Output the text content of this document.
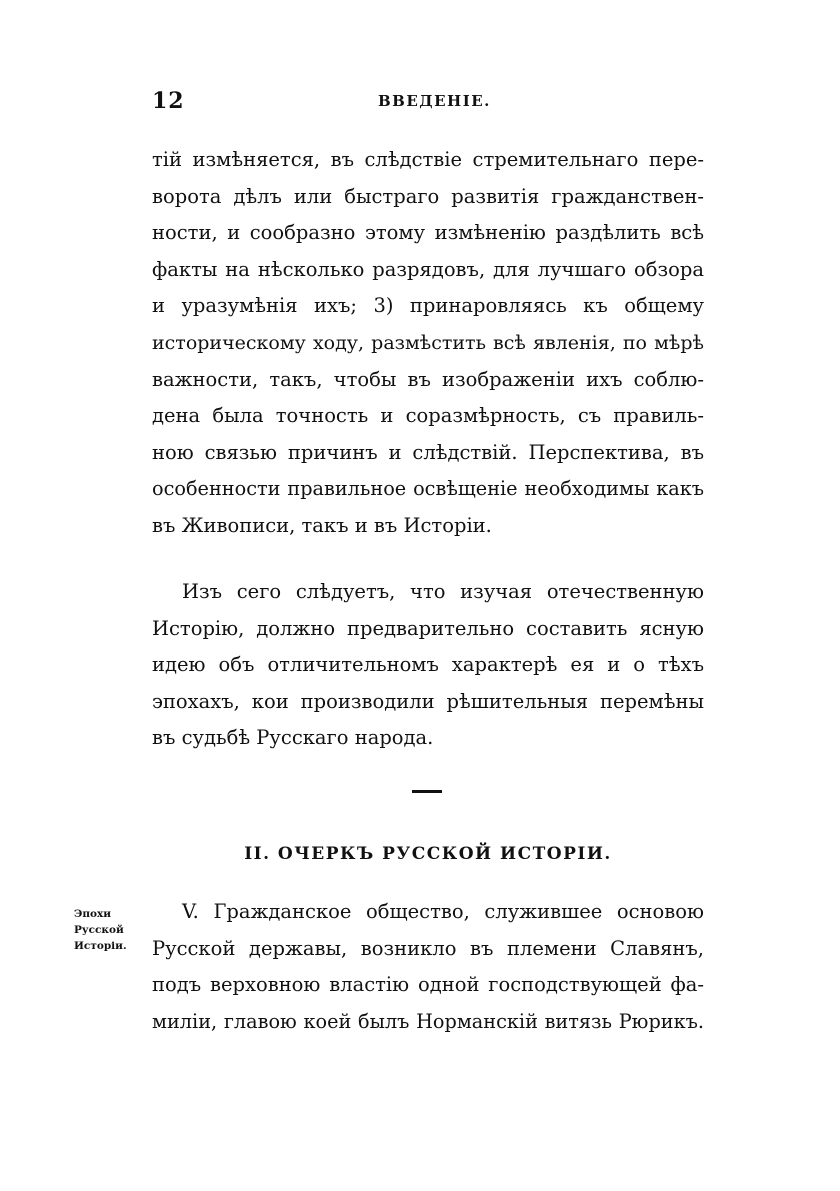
12	ВВЕДЕНІЕ.
тій измѣняется, въ слѣдствіе стремительнаго пере-
ворота дѣлъ или быстраго развитія гражданствен-
ности, и сообразно этому измѣненію раздѣлить всѣ
факты на нѣсколько разрядовъ, для лучшаго обзора
и уразумѣнія ихъ; 3) принаровляясь къ общему
историческому ходу, размѣстить всѣ явленія, по мѣрѣ
важности, такъ, чтобы въ изображеніи ихъ соблю-
дена была точность и соразмѣрность, съ правиль-
ною связью причинъ и слѣдствій. Перспектива, въ
особенности правильное освѣщеніе необходимы какъ
въ Живописи, такъ и въ Исторіи.
Изъ сего слѣдуетъ, что изучая отечественную
Исторію, должно предварительно составить ясную
идею объ отличительномъ характерѣ ея и о тѣхъ
эпохахъ, кои производили рѣшительныя перемѣны
въ судьбѣ Русскаго народа.
II. ОЧЕРКЪ РУССКОЙ ИСТОРІИ.
Эпохи
Русской
Исторіи.
V. Гражданское общество, служившее основою
Русской державы, возникло въ племени Славянъ,
подъ верховною властію одной господствующей фа-
миліи, главою коей былъ Норманскій витязь Рюрикъ.
